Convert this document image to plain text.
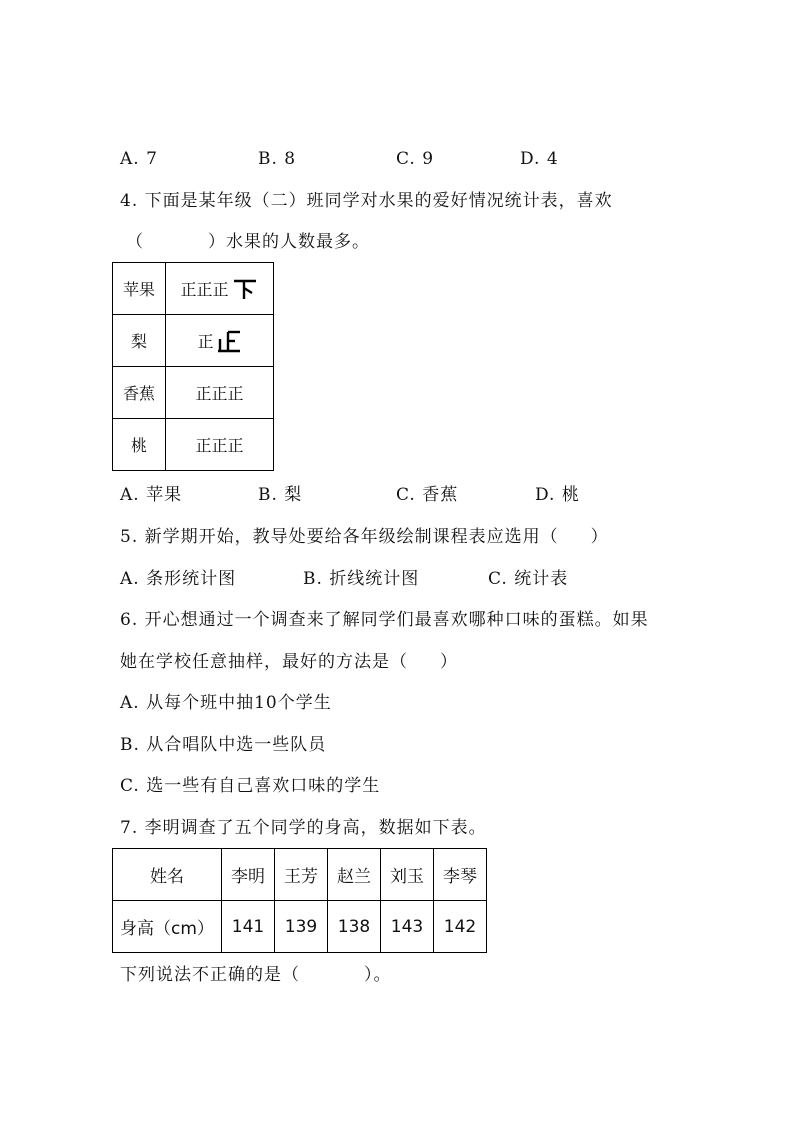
A. 7	B. 8	C. 9	D. 4
4. 下面是某年级（二）班同学对水果的爱好情况统计表，喜欢
（          ）水果的人数最多。
苹果	正正正

梨	正

香蕉	正正正
桃	正正正
A. 苹果	B. 梨	C. 香蕉	D. 桃
5. 新学期开始，教导处要给各年级绘制课程表应选用（     ）
A. 条形统计图	B. 折线统计图	C. 统计表
6. 开心想通过一个调查来了解同学们最喜欢哪种口味的蛋糕。如果
她在学校任意抽样，最好的方法是（     ）
A. 从每个班中抽10个学生
B. 从合唱队中选一些队员
C. 选一些有自己喜欢口味的学生
7. 李明调查了五个同学的身高，数据如下表。
姓名	李明	王芳	赵兰	刘玉	李琴
身高（cm）	141	139	138	143	142
下列说法不正确的是（          ）。
